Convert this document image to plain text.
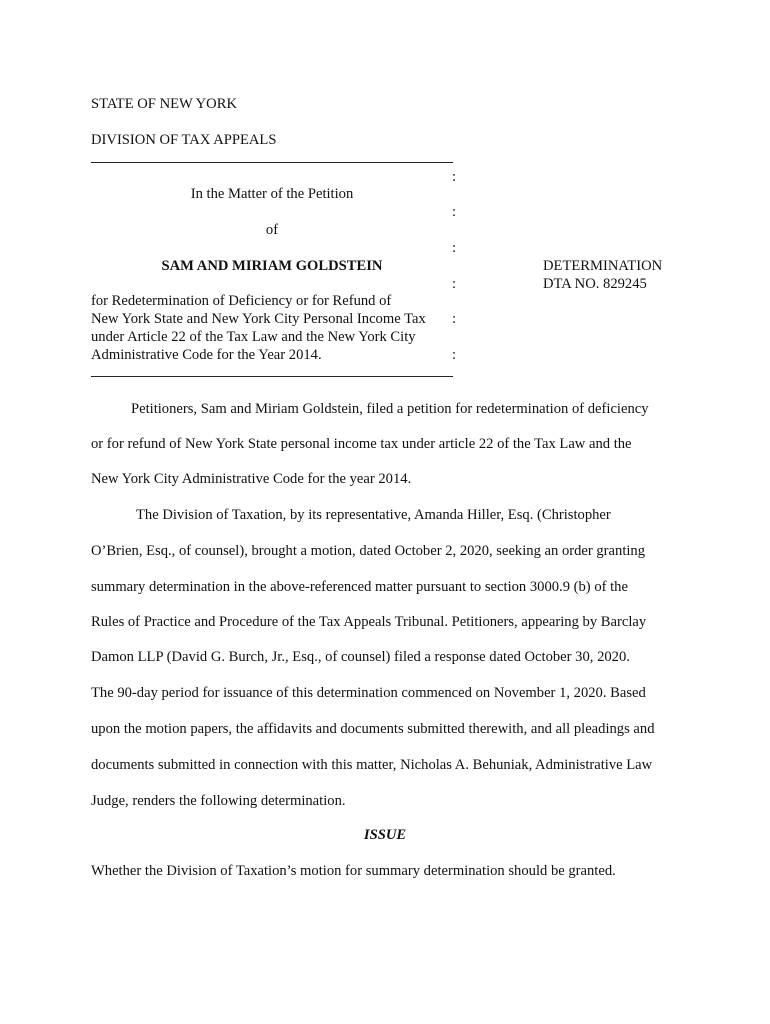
STATE OF NEW YORK
DIVISION OF TAX APPEALS
:
In the Matter of the Petition
:
of
:
SAM AND MIRIAM GOLDSTEIN
:
DETERMINATION
DTA NO. 829245
for Redetermination of Deficiency or for Refund of
New York State and New York City Personal Income Tax :
under Article 22 of the Tax Law and the New York City
Administrative Code for the Year 2014.	:
Petitioners, Sam and Miriam Goldstein, filed a petition for redetermination of deficiency
or for refund of New York State personal income tax under article 22 of the Tax Law and the
New York City Administrative Code for the year 2014.
The Division of Taxation, by its representative, Amanda Hiller, Esq. (Christopher
O’Brien, Esq., of counsel), brought a motion, dated October 2, 2020, seeking an order granting
summary determination in the above-referenced matter pursuant to section 3000.9 (b) of the
Rules of Practice and Procedure of the Tax Appeals Tribunal. Petitioners, appearing by Barclay
Damon LLP (David G. Burch, Jr., Esq., of counsel) filed a response dated October 30, 2020.
The 90-day period for issuance of this determination commenced on November 1, 2020. Based
upon the motion papers, the affidavits and documents submitted therewith, and all pleadings and
documents submitted in connection with this matter, Nicholas A. Behuniak, Administrative Law
Judge, renders the following determination.
ISSUE
Whether the Division of Taxation’s motion for summary determination should be granted.
